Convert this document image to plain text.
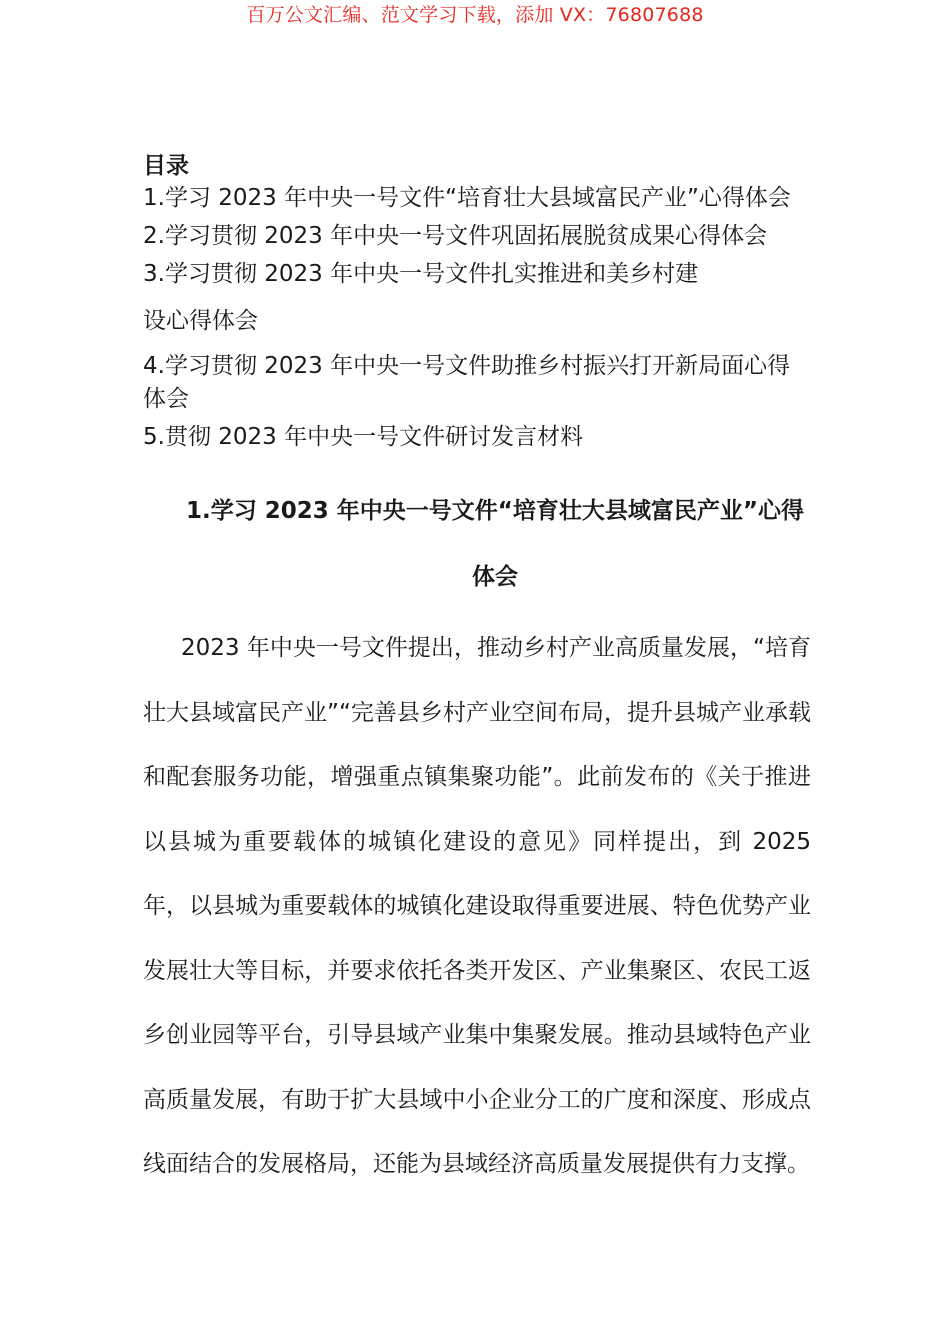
百万公文汇编、范文学习下载，添加 VX：76807688
目录
1.学习 2023 年中央一号文件“培育壮大县域富民产业”心得体会
2.学习贯彻 2023 年中央一号文件巩固拓展脱贫成果心得体会
3.学习贯彻 2023 年中央一号文件扎实推进和美乡村建
设心得体会
4.学习贯彻 2023 年中央一号文件助推乡村振兴打开新局面心得体会
5.贯彻 2023 年中央一号文件研讨发言材料
1.学习 2023 年中央一号文件“培育壮大县域富民产业”心得体会

2023 年中央一号文件提出，推动乡村产业高质量发展，“培育壮大县域富民产业”“完善县乡村产业空间布局，提升县城产业承载和配套服务功能，增强重点镇集聚功能”。此前发布的《关于推进以县城为重要载体的城镇化建设的意见》同样提出，到 2025 年，以县城为重要载体的城镇化建设取得重要进展、特色优势产业发展壮大等目标，并要求依托各类开发区、产业集聚区、农民工返乡创业园等平台，引导县域产业集中集聚发展。推动县域特色产业高质量发展，有助于扩大县域中小企业分工的广度和深度、形成点线面结合的发展格局，还能为县域经济高质量发展提供有力支撑。
